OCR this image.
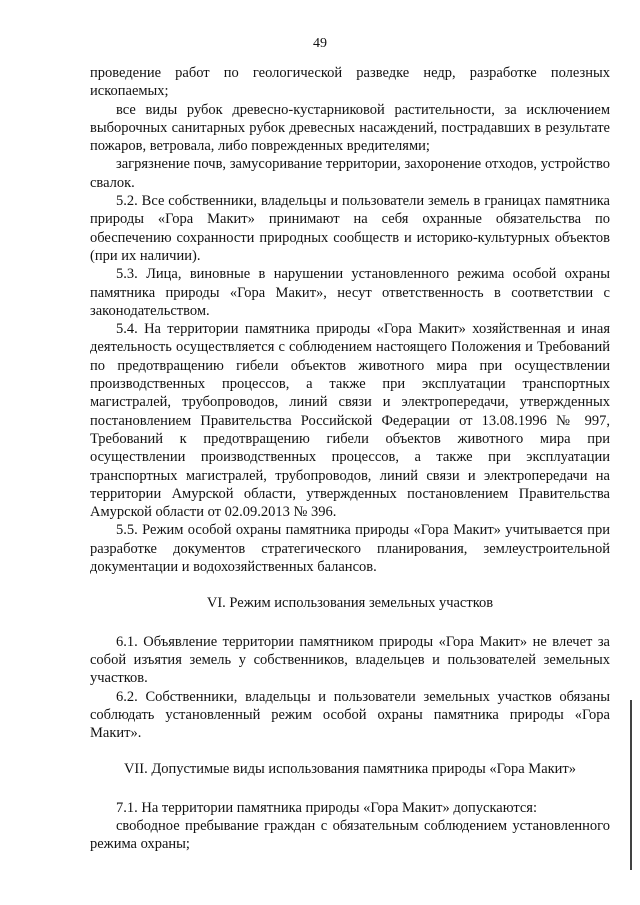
49

проведение работ по геологической разведке недр, разработке полезных ископаемых;

все виды рубок древесно-кустарниковой растительности, за исключением выборочных санитарных рубок древесных насаждений, пострадавших в результате пожаров, ветровала, либо поврежденных вредителями;

загрязнение почв, замусоривание территории, захоронение отходов, устройство свалок.

5.2. Все собственники, владельцы и пользователи земель в границах памятника природы «Гора Макит» принимают на себя охранные обязательства по обеспечению сохранности природных сообществ и историко-культурных объектов (при их наличии).

5.3. Лица, виновные в нарушении установленного режима особой охраны памятника природы «Гора Макит», несут ответственность в соответствии с законодательством.

5.4. На территории памятника природы «Гора Макит» хозяйственная и иная деятельность осуществляется с соблюдением настоящего Положения и Требований по предотвращению гибели объектов животного мира при осуществлении производственных процессов, а также при эксплуатации транспортных магистралей, трубопроводов, линий связи и электропередачи, утвержденных постановлением Правительства Российской Федерации от 13.08.1996 № 997, Требований к предотвращению гибели объектов животного мира при осуществлении производственных процессов, а также при эксплуатации транспортных магистралей, трубопроводов, линий связи и электропередачи на территории Амурской области, утвержденных постановлением Правительства Амурской области от 02.09.2013 № 396.

5.5. Режим особой охраны памятника природы «Гора Макит» учитывается при разработке документов стратегического планирования, землеустроительной документации и водохозяйственных балансов.

VI. Режим использования земельных участков

6.1. Объявление территории памятником природы «Гора Макит» не влечет за собой изъятия земель у собственников, владельцев и пользователей земельных участков.

6.2. Собственники, владельцы и пользователи земельных участков обязаны соблюдать установленный режим особой охраны памятника природы «Гора Макит».

VII. Допустимые виды использования памятника природы «Гора Макит»

7.1. На территории памятника природы «Гора Макит» допускаются:

свободное пребывание граждан с обязательным соблюдением установленного режима охраны;
